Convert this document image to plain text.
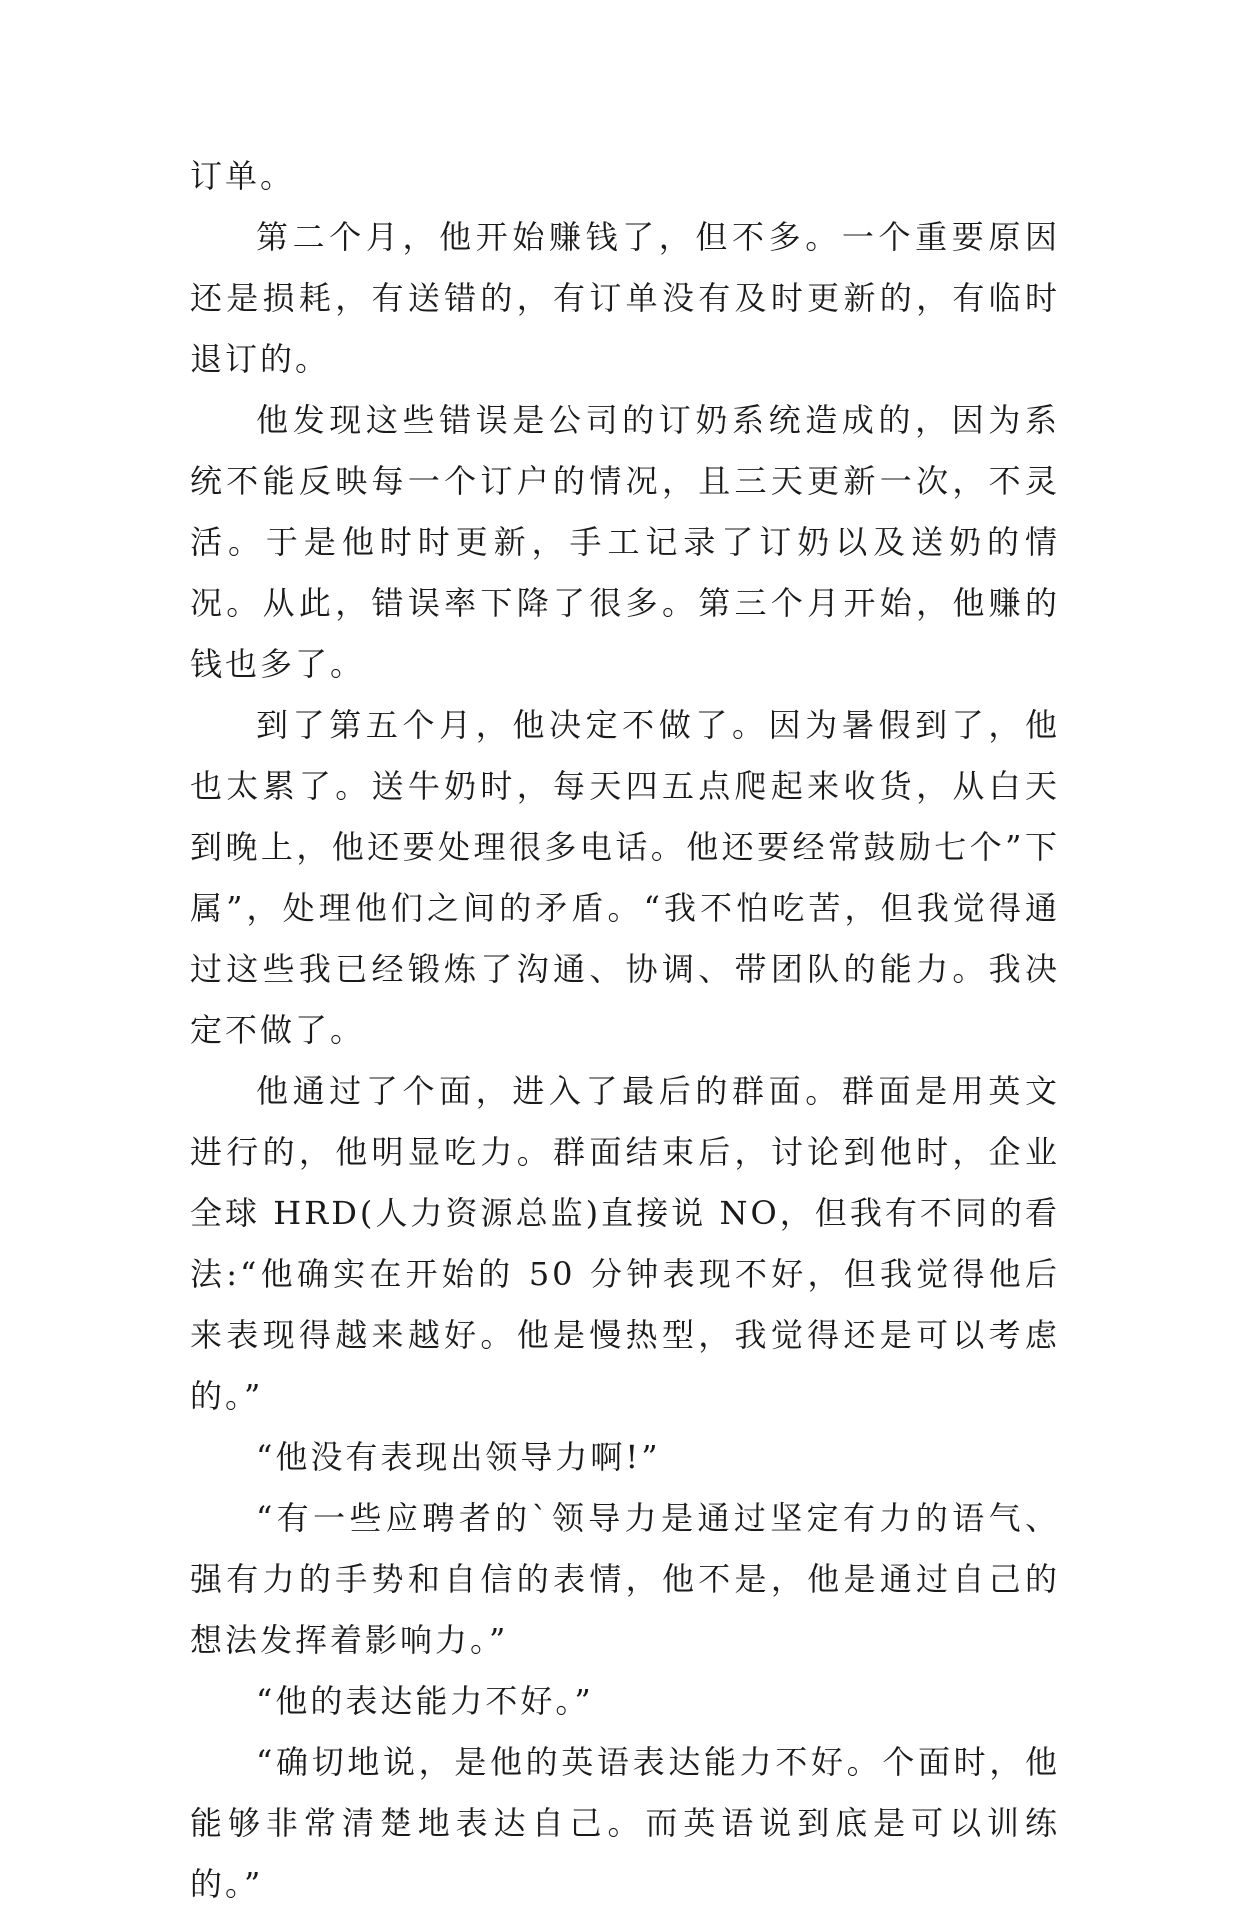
订单。

第二个月，他开始赚钱了，但不多。一个重要原因还是损耗，有送错的，有订单没有及时更新的，有临时退订的。

他发现这些错误是公司的订奶系统造成的，因为系统不能反映每一个订户的情况，且三天更新一次，不灵活。于是他时时更新，手工记录了订奶以及送奶的情况。从此，错误率下降了很多。第三个月开始，他赚的钱也多了。

到了第五个月，他决定不做了。因为暑假到了，他也太累了。送牛奶时，每天四五点爬起来收货，从白天到晚上，他还要处理很多电话。他还要经常鼓励七个”下属”，处理他们之间的矛盾。“我不怕吃苦，但我觉得通过这些我已经锻炼了沟通、协调、带团队的能力。我决定不做了。

他通过了个面，进入了最后的群面。群面是用英文进行的，他明显吃力。群面结束后，讨论到他时，企业全球 HRD(人力资源总监)直接说 NO，但我有不同的看法:“他确实在开始的 50 分钟表现不好，但我觉得他后来表现得越来越好。他是慢热型，我觉得还是可以考虑的。”

“他没有表现出领导力啊!”

“有一些应聘者的`领导力是通过坚定有力的语气、强有力的手势和自信的表情，他不是，他是通过自己的想法发挥着影响力。”

“他的表达能力不好。”

“确切地说，是他的英语表达能力不好。个面时，他能够非常清楚地表达自己。而英语说到底是可以训练的。”
